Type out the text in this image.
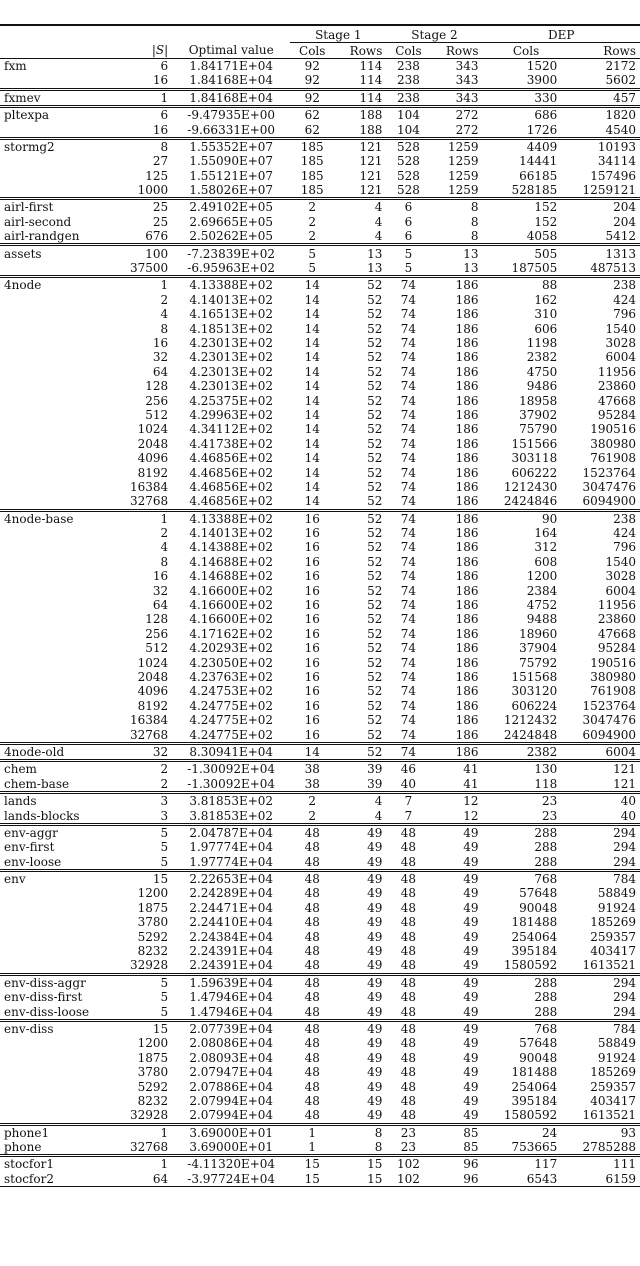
			Stage 1		Stage 2		DEP	
	|S|	Optimal value	Cols	Rows	Cols	Rows	Cols	Rows
fxm	6	1.84171E+04	92	114	238	343	1520	2172
	16	1.84168E+04	92	114	238	343	3900	5602
fxmev	1	1.84168E+04	92	114	238	343	330	457
pltexpa	6	-9.47935E+00	62	188	104	272	686	1820
	16	-9.66331E+00	62	188	104	272	1726	4540
stormg2	8	1.55352E+07	185	121	528	1259	4409	10193
	27	1.55090E+07	185	121	528	1259	14441	34114
	125	1.55121E+07	185	121	528	1259	66185	157496
	1000	1.58026E+07	185	121	528	1259	528185	1259121
airl-first	25	2.49102E+05	2	4	6	8	152	204
airl-second	25	2.69665E+05	2	4	6	8	152	204
airl-randgen	676	2.50262E+05	2	4	6	8	4058	5412
assets	100	-7.23839E+02	5	13	5	13	505	1313
	37500	-6.95963E+02	5	13	5	13	187505	487513
4node	1	4.13388E+02	14	52	74	186	88	238
	2	4.14013E+02	14	52	74	186	162	424
	4	4.16513E+02	14	52	74	186	310	796
	8	4.18513E+02	14	52	74	186	606	1540
	16	4.23013E+02	14	52	74	186	1198	3028
	32	4.23013E+02	14	52	74	186	2382	6004
	64	4.23013E+02	14	52	74	186	4750	11956
	128	4.23013E+02	14	52	74	186	9486	23860
	256	4.25375E+02	14	52	74	186	18958	47668
	512	4.29963E+02	14	52	74	186	37902	95284
	1024	4.34112E+02	14	52	74	186	75790	190516
	2048	4.41738E+02	14	52	74	186	151566	380980
	4096	4.46856E+02	14	52	74	186	303118	761908
	8192	4.46856E+02	14	52	74	186	606222	1523764
	16384	4.46856E+02	14	52	74	186	1212430	3047476
	32768	4.46856E+02	14	52	74	186	2424846	6094900
4node-base	1	4.13388E+02	16	52	74	186	90	238
	2	4.14013E+02	16	52	74	186	164	424
	4	4.14388E+02	16	52	74	186	312	796
	8	4.14688E+02	16	52	74	186	608	1540
	16	4.14688E+02	16	52	74	186	1200	3028
	32	4.16600E+02	16	52	74	186	2384	6004
	64	4.16600E+02	16	52	74	186	4752	11956
	128	4.16600E+02	16	52	74	186	9488	23860
	256	4.17162E+02	16	52	74	186	18960	47668
	512	4.20293E+02	16	52	74	186	37904	95284
	1024	4.23050E+02	16	52	74	186	75792	190516
	2048	4.23763E+02	16	52	74	186	151568	380980
	4096	4.24753E+02	16	52	74	186	303120	761908
	8192	4.24775E+02	16	52	74	186	606224	1523764
	16384	4.24775E+02	16	52	74	186	1212432	3047476
	32768	4.24775E+02	16	52	74	186	2424848	6094900
4node-old	32	8.30941E+04	14	52	74	186	2382	6004
chem	2	-1.30092E+04	38	39	46	41	130	121
chem-base	2	-1.30092E+04	38	39	40	41	118	121
lands	3	3.81853E+02	2	4	7	12	23	40
lands-blocks	3	3.81853E+02	2	4	7	12	23	40
env-aggr	5	2.04787E+04	48	49	48	49	288	294
env-first	5	1.97774E+04	48	49	48	49	288	294
env-loose	5	1.97774E+04	48	49	48	49	288	294
env	15	2.22653E+04	48	49	48	49	768	784
	1200	2.24289E+04	48	49	48	49	57648	58849
	1875	2.24471E+04	48	49	48	49	90048	91924
	3780	2.24410E+04	48	49	48	49	181488	185269
	5292	2.24384E+04	48	49	48	49	254064	259357
	8232	2.24391E+04	48	49	48	49	395184	403417
	32928	2.24391E+04	48	49	48	49	1580592	1613521
env-diss-aggr	5	1.59639E+04	48	49	48	49	288	294
env-diss-first	5	1.47946E+04	48	49	48	49	288	294
env-diss-loose	5	1.47946E+04	48	49	48	49	288	294
env-diss	15	2.07739E+04	48	49	48	49	768	784
	1200	2.08086E+04	48	49	48	49	57648	58849
	1875	2.08093E+04	48	49	48	49	90048	91924
	3780	2.07947E+04	48	49	48	49	181488	185269
	5292	2.07886E+04	48	49	48	49	254064	259357
	8232	2.07994E+04	48	49	48	49	395184	403417
	32928	2.07994E+04	48	49	48	49	1580592	1613521
phone1	1	3.69000E+01	1	8	23	85	24	93
phone	32768	3.69000E+01	1	8	23	85	753665	2785288
stocfor1	1	-4.11320E+04	15	15	102	96	117	111
stocfor2	64	-3.97724E+04	15	15	102	96	6543	6159
